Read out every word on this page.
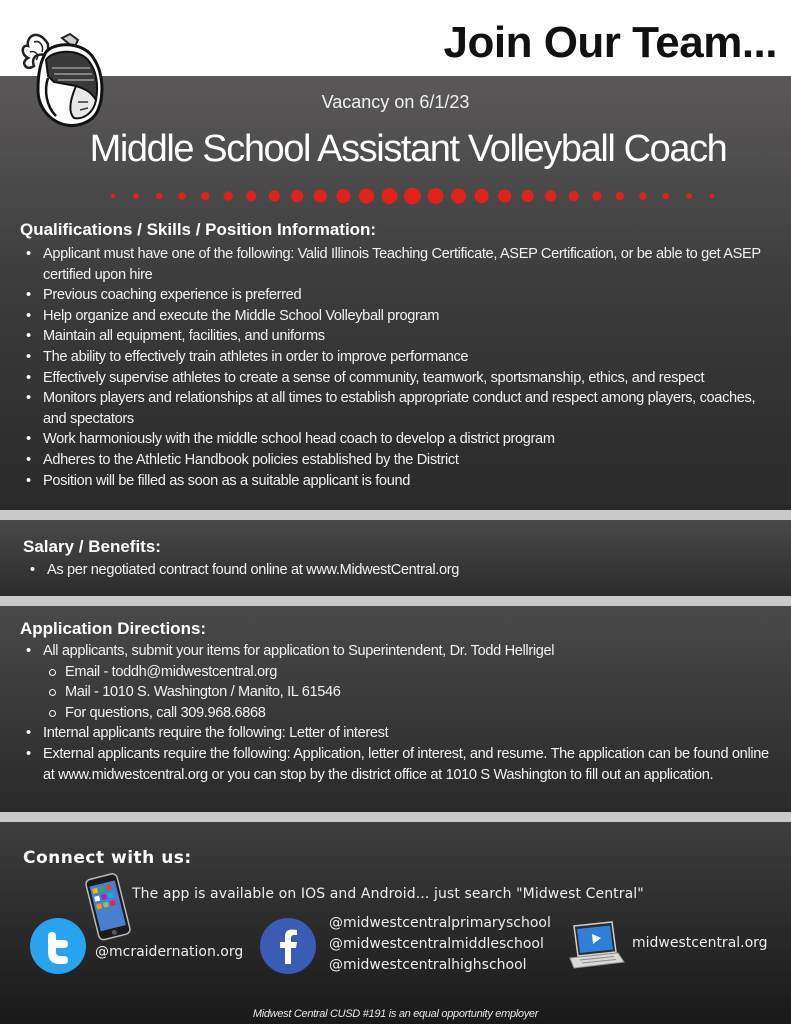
Join Our Team...
Vacancy on 6/1/23
Middle School Assistant Volleyball Coach
Qualifications / Skills / Position Information:
• Applicant must have one of the following: Valid Illinois Teaching Certificate, ASEP Certification, or be able to get ASEP certified upon hire
• Previous coaching experience is preferred
• Help organize and execute the Middle School Volleyball program
• Maintain all equipment, facilities, and uniforms
• The ability to effectively train athletes in order to improve performance
• Effectively supervise athletes to create a sense of community, teamwork, sportsmanship, ethics, and respect
• Monitors players and relationships at all times to establish appropriate conduct and respect among players, coaches, and spectators
• Work harmoniously with the middle school head coach to develop a district program
• Adheres to the Athletic Handbook policies established by the District
• Position will be filled as soon as a suitable applicant is found
Salary / Benefits:
• As per negotiated contract found online at www.MidwestCentral.org
Application Directions:
• All applicants, submit your items for application to Superintendent, Dr. Todd Hellrigel
Email - toddh@midwestcentral.org
Mail - 1010 S. Washington / Manito, IL 61546
For questions, call 309.968.6868
• Internal applicants require the following: Letter of interest
• External applicants require the following: Application, letter of interest, and resume. The application can be found online at www.midwestcentral.org or you can stop by the district office at 1010 S Washington to fill out an application.
Connect with us:
The app is available on IOS and Android... just search "Midwest Central"
@mcraidernation.org
@midwestcentralprimaryschool
@midwestcentralmiddleschool
@midwestcentralhighschool
midwestcentral.org
Midwest Central CUSD #191 is an equal opportunity employer
